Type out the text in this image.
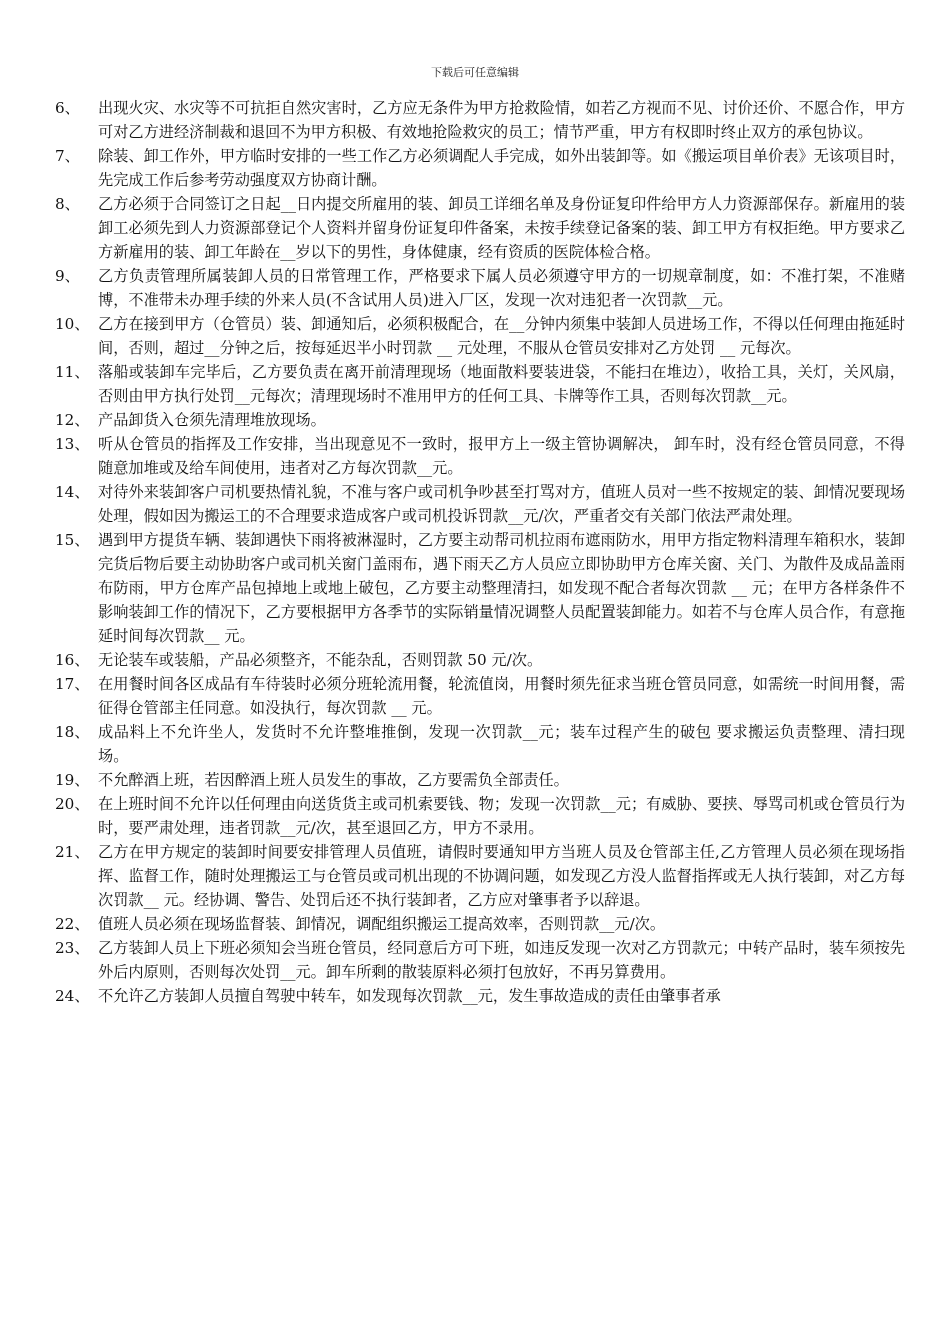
下载后可任意编辑
6、	出现火灾、水灾等不可抗拒自然灾害时，乙方应无条件为甲方抢救险情，如若乙方视而不见、讨价还价、不愿合作，甲方可对乙方进经济制裁和退回不为甲方积极、有效地抢险救灾的员工；情节严重，甲方有权即时终止双方的承包协议。
7、	除装、卸工作外，甲方临时安排的一些工作乙方必须调配人手完成，如外出装卸等。如《搬运项目单价表》无该项目时，先完成工作后参考劳动强度双方协商计酬。
8、	乙方必须于合同签订之日起__日内提交所雇用的装、卸员工详细名单及身份证复印件给甲方人力资源部保存。新雇用的装卸工必须先到人力资源部登记个人资料并留身份证复印件备案，未按手续登记备案的装、卸工甲方有权拒绝。甲方要求乙方新雇用的装、卸工年龄在__岁以下的男性，身体健康，经有资质的医院体检合格。
9、	乙方负责管理所属装卸人员的日常管理工作，严格要求下属人员必须遵守甲方的一切规章制度，如：不准打架，不准赌博，不准带未办理手续的外来人员(不含试用人员)进入厂区，发现一次对违犯者一次罚款__元。
10、 乙方在接到甲方（仓管员）装、卸通知后，必须积极配合，在__分钟内须集中装卸人员进场工作，不得以任何理由拖延时间，否则，超过__分钟之后，按每延迟半小时罚款 __ 元处理，不服从仓管员安排对乙方处罚 __ 元每次。
11、 落船或装卸车完毕后，乙方要负责在离开前清理现场（地面散料要装进袋，不能扫在堆边），收拾工具，关灯，关风扇，否则由甲方执行处罚__元每次；清理现场时不准用甲方的任何工具、卡牌等作工具，否则每次罚款__元。
12、 产品卸货入仓须先清理堆放现场。
13、 听从仓管员的指挥及工作安排，当出现意见不一致时，报甲方上一级主管协调解决， 卸车时，没有经仓管员同意，不得随意加堆或及给车间使用，违者对乙方每次罚款__元。
14、 对待外来装卸客户司机要热情礼貌，不准与客户或司机争吵甚至打骂对方，值班人员对一些不按规定的装、卸情况要现场处理，假如因为搬运工的不合理要求造成客户或司机投诉罚款__元/次，严重者交有关部门依法严肃处理。
15、 遇到甲方提货车辆、装卸遇快下雨将被淋湿时，乙方要主动帮司机拉雨布遮雨防水，用甲方指定物料清理车箱积水，装卸完货后物后要主动协助客户或司机关窗门盖雨布，遇下雨天乙方人员应立即协助甲方仓库关窗、关门、为散件及成品盖雨布防雨，甲方仓库产品包掉地上或地上破包，乙方要主动整理清扫，如发现不配合者每次罚款 __ 元；在甲方各样条件不影响装卸工作的情况下，乙方要根据甲方各季节的实际销量情况调整人员配置装卸能力。如若不与仓库人员合作，有意拖延时间每次罚款__ 元。
16、 无论装车或装船，产品必须整齐，不能杂乱，否则罚款 50 元/次。
17、 在用餐时间各区成品有车待装时必须分班轮流用餐，轮流值岗，用餐时须先征求当班仓管员同意，如需统一时间用餐，需征得仓管部主任同意。如没执行，每次罚款 __ 元。
18、 成品料上不允许坐人，发货时不允许整堆推倒，发现一次罚款__元；装车过程产生的破包 要求搬运负责整理、清扫现场。
19、 不允醉酒上班，若因醉酒上班人员发生的事故，乙方要需负全部责任。
20、 在上班时间不允许以任何理由向送货货主或司机索要钱、物；发现一次罚款__元；有威胁、要挟、辱骂司机或仓管员行为时，要严肃处理，违者罚款__元/次，甚至退回乙方，甲方不录用。
21、 乙方在甲方规定的装卸时间要安排管理人员值班，请假时要通知甲方当班人员及仓管部主任,乙方管理人员必须在现场指挥、监督工作，随时处理搬运工与仓管员或司机出现的不协调问题，如发现乙方没人监督指挥或无人执行装卸，对乙方每次罚款__ 元。经协调、警告、处罚后还不执行装卸者，乙方应对肇事者予以辞退。
22、 值班人员必须在现场监督装、卸情况，调配组织搬运工提高效率，否则罚款__元/次。
23、 乙方装卸人员上下班必须知会当班仓管员，经同意后方可下班，如违反发现一次对乙方罚款元；中转产品时，装车须按先外后内原则，否则每次处罚__元。卸车所剩的散装原料必须打包放好，不再另算费用。
24、 不允许乙方装卸人员擅自驾驶中转车，如发现每次罚款__元，发生事故造成的责任由肇事者承
